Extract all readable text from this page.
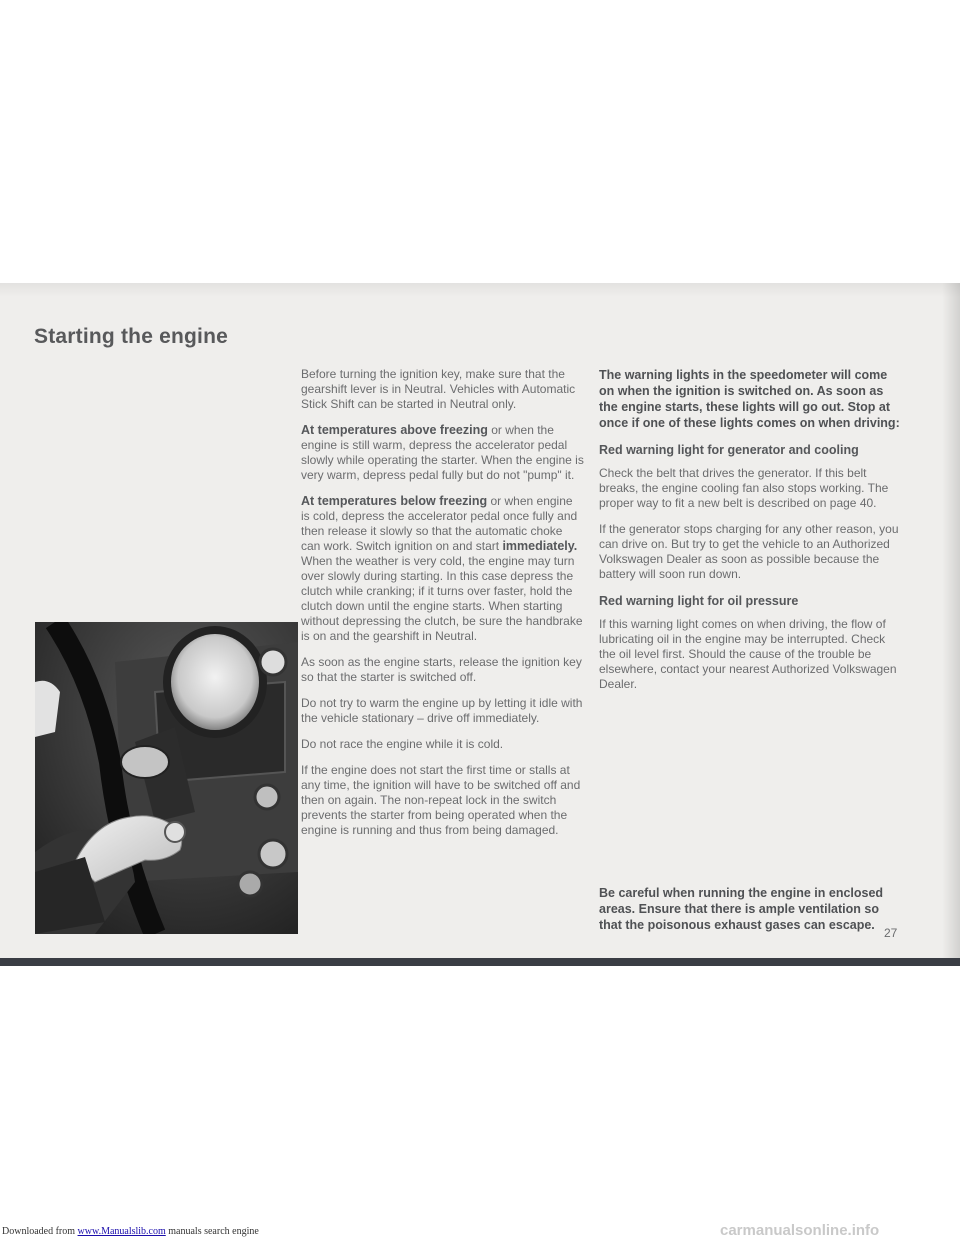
Starting the engine

Before turning the ignition key, make sure that the gearshift lever is in Neutral. Vehicles with Automatic Stick Shift can be started in Neutral only.

At temperatures above freezing or when the engine is still warm, depress the accelerator pedal slowly while operating the starter. When the engine is very warm, depress pedal fully but do not "pump" it.

At temperatures below freezing or when engine is cold, depress the accelerator pedal once fully and then release it slowly so that the automatic choke can work. Switch ignition on and start immediately. When the weather is very cold, the engine may turn over slowly during starting. In this case depress the clutch while cranking; if it turns over faster, hold the clutch down until the engine starts. When starting without depressing the clutch, be sure the handbrake is on and the gearshift in Neutral.

As soon as the engine starts, release the ignition key so that the starter is switched off.

Do not try to warm the engine up by letting it idle with the vehicle stationary – drive off immediately.

Do not race the engine while it is cold.

If the engine does not start the first time or stalls at any time, the ignition will have to be switched off and then on again. The non-repeat lock in the switch prevents the starter from being operated when the engine is running and thus from being damaged.

The warning lights in the speedometer will come on when the ignition is switched on. As soon as the engine starts, these lights will go out. Stop at once if one of these lights comes on when driving:

Red warning light for generator and cooling

Check the belt that drives the generator. If this belt breaks, the engine cooling fan also stops working. The proper way to fit a new belt is described on page 40.

If the generator stops charging for any other reason, you can drive on. But try to get the vehicle to an Authorized Volkswagen Dealer as soon as possible because the battery will soon run down.

Red warning light for oil pressure

If this warning light comes on when driving, the flow of lubricating oil in the engine may be interrupted. Check the oil level first. Should the cause of the trouble be elsewhere, contact your nearest Authorized Volkswagen Dealer.

Be careful when running the engine in enclosed areas. Ensure that there is ample ventilation so that the poisonous exhaust gases can escape.

27
Downloaded from www.Manualslib.com manuals search engine	carmanualsonline.info
